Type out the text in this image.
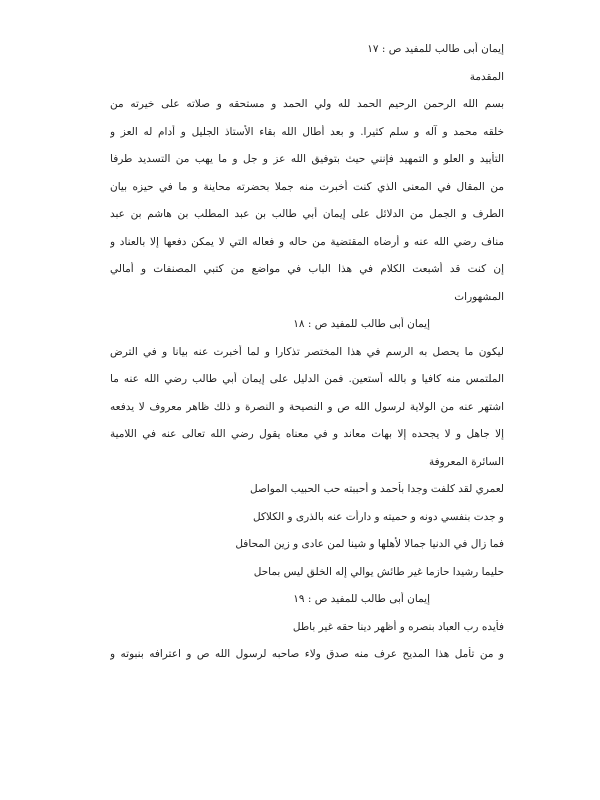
إيمان أبى طالب للمفيد ص : ١٧
المقدمة
بسم الله الرحمن الرحيم الحمد لله ولي الحمد و مستحقه و صلاته على خيرته من
خلقه محمد و آله و سلم كثيرا. و بعد أطال الله بقاء الأستاذ الجليل و أدام له العز و
التأييد و العلو و التمهيد فإنني حيث بتوفيق الله عز و جل و ما يهب من التسديد طرفا
من المقال في المعنى الذي كنت أخبرت منه جملا بحضرته محاينة و ما في حيزه بيان
الطرف و الجمل من الدلائل على إيمان أبي طالب بن عبد المطلب بن هاشم بن عبد
مناف رضي الله عنه و أرضاه المقتضية من حاله و فعاله التي لا يمكن دفعها إلا بالعناد و
إن كنت قد أشبعت الكلام في هذا الباب في مواضع من كتبي المصنفات و أمالي
المشهورات
إيمان أبى طالب للمفيد ص : ١٨
ليكون ما يحصل به الرسم في هذا المختصر تذكارا و لما أخبرت عنه بيانا و في الترض
الملتمس منه كافيا و بالله أستعين. فمن الدليل على إيمان أبي طالب رضي الله عنه ما
اشتهر عنه من الولاية لرسول الله ص و النصيحة و النصرة و ذلك ظاهر معروف لا يدفعه
إلا جاهل و لا يجحده إلا بهات معاند و في معناه يقول رضي الله تعالى عنه في اللامية
السائرة المعروفة
لعمري لقد كلفت وجدا بأحمد و أحببته حب الحبيب المواصل
و جدت بنفسي دونه و حميته و دارأت عنه بالذرى و الكلاكل
فما زال في الدنيا جمالا لأهلها و شينا لمن عادى و زين المحافل
حليما رشيدا حازما غير طائش يوالي إله الخلق ليس بماحل
إيمان أبى طالب للمفيد ص : ١٩
فأيده رب العباد بنصره و أظهر دينا حقه غير باطل
و من تأمل هذا المديح عرف منه صدق ولاء صاحبه لرسول الله ص و اعترافه بنبوته و
